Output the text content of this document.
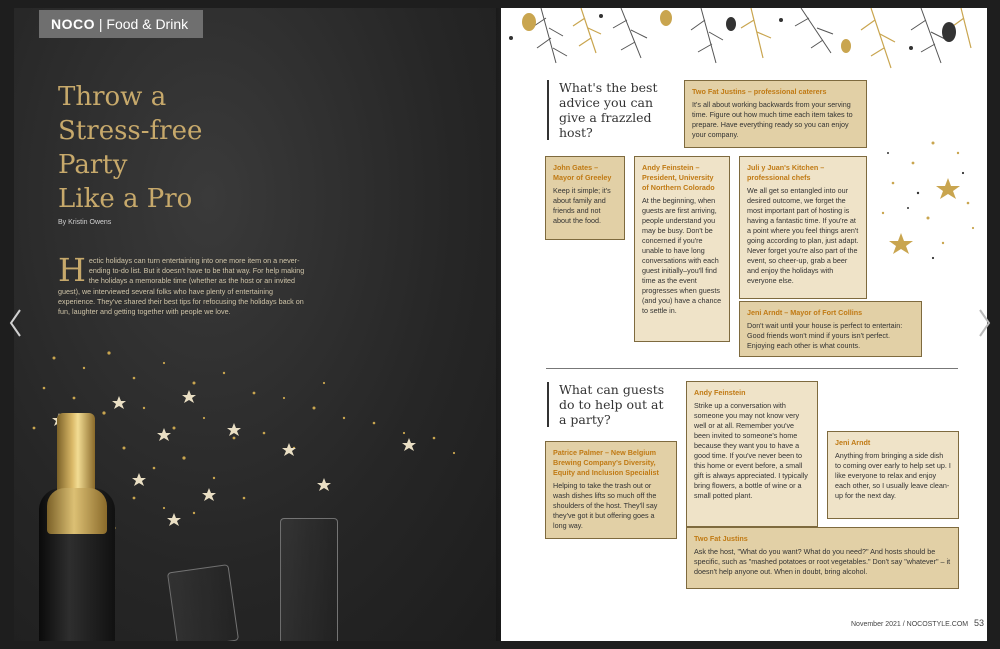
NOCO | Food & Drink
Throw a
Stress-free
Party
Like a Pro
By Kristin Owens
H ectic holidays can turn entertaining into one more item on a never-ending to-do list. But it doesn't have to be that way. For help making the holidays a memorable time (whether as the host or an invited guest), we interviewed several folks who have plenty of entertaining experience. They've shared their best tips for refocusing the holidays back on fun, laughter and getting together with people we love.
What's the best advice you can give a frazzled host?
Two Fat Justins – professional caterers
It's all about working backwards from your serving time. Figure out how much time each item takes to prepare. Have everything ready so you can enjoy your company.
John Gates – Mayor of Greeley
Keep it simple; it's about family and friends and not about the food.
Andy Feinstein – President, University of Northern Colorado
At the beginning, when guests are first arriving, people understand you may be busy. Don't be concerned if you're unable to have long conversations with each guest initially–you'll find time as the event progresses when guests (and you) have a chance to settle in.
Juli y Juan's Kitchen – professional chefs
We all get so entangled into our desired outcome, we forget the most important part of hosting is having a fantastic time. If you're at a point where you feel things aren't going according to plan, just adapt. Never forget you're also part of the event, so cheer-up, grab a beer and enjoy the holidays with everyone else.
Jeni Arndt – Mayor of Fort Collins
Don't wait until your house is perfect to entertain: Good friends won't mind if yours isn't perfect. Enjoying each other is what counts.
What can guests do to help out at a party?
Andy Feinstein
Strike up a conversation with someone you may not know very well or at all. Remember you've been invited to someone's home because they want you to have a good time. If you've never been to this home or event before, a small gift is always appreciated. I typically bring flowers, a bottle of wine or a small potted plant.
Patrice Palmer – New Belgium Brewing Company's Diversity, Equity and Inclusion Specialist
Helping to take the trash out or wash dishes lifts so much off the shoulders of the host. They'll say they've got it but offering goes a long way.
Jeni Arndt
Anything from bringing a side dish to coming over early to help set up. I like everyone to relax and enjoy each other, so I usually leave clean-up for the next day.
Two Fat Justins
Ask the host, "What do you want? What do you need?" And hosts should be specific, such as "mashed potatoes or root vegetables." Don't say "whatever" – it doesn't help anyone out. When in doubt, bring alcohol.
November 2021 / NOCOSTYLE.COM 53
